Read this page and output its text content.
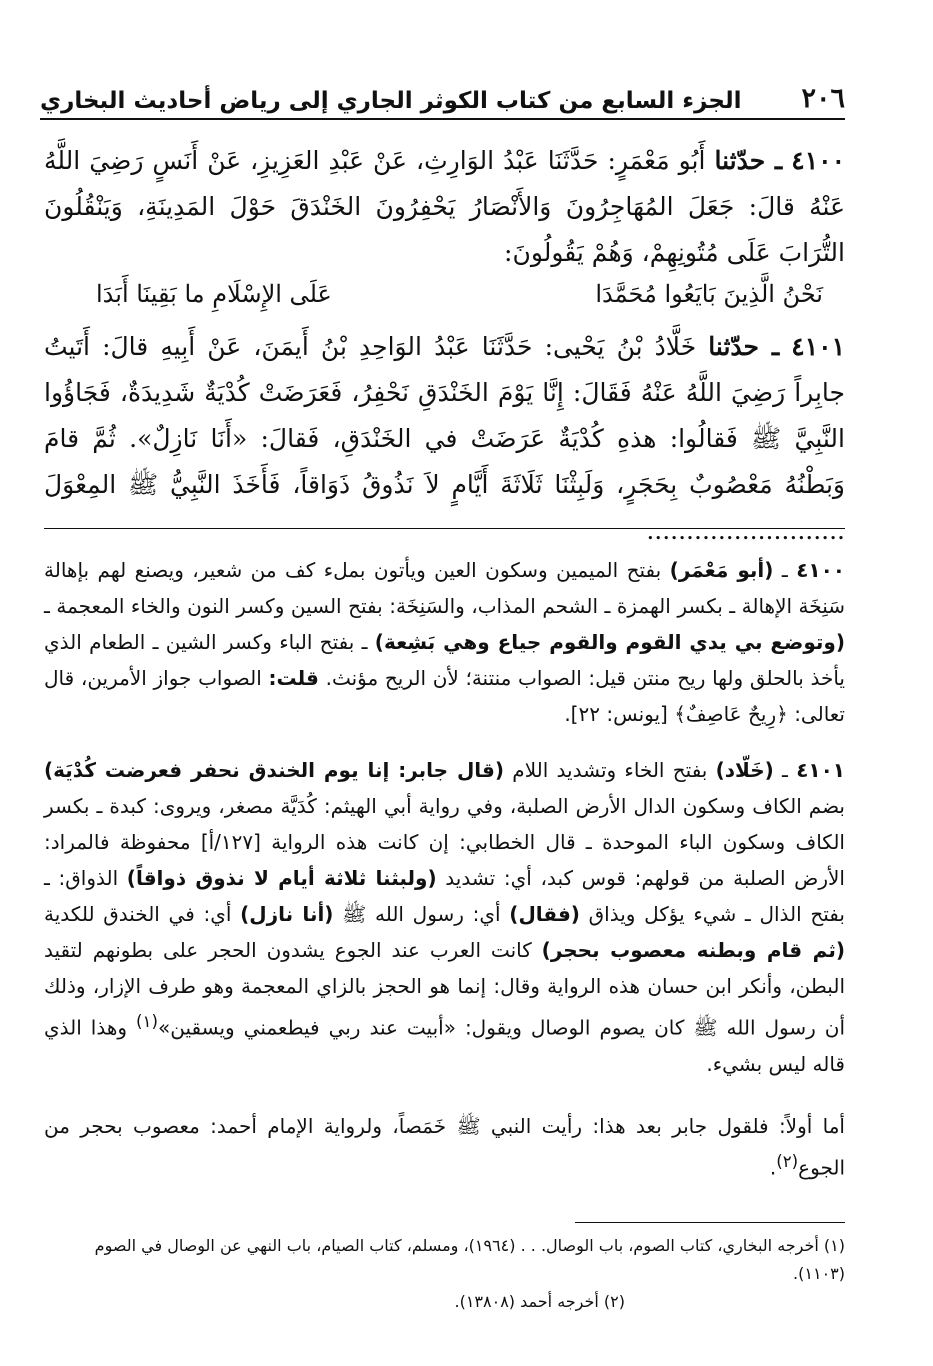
٢٠٦
الجزء السابع من كتاب الكوثر الجاري إلى رياض أحاديث البخاري
٤١٠٠ ـ حدّثنا أَبُو مَعْمَرٍ: حَدَّثَنَا عَبْدُ الوَارِثِ، عَنْ عَبْدِ العَزِيزِ، عَنْ أَنَسٍ رَضِيَ اللَّهُ عَنْهُ قالَ: جَعَلَ المُهَاجِرُونَ وَالأَنْصَارُ يَحْفِرُونَ الخَنْدَقَ حَوْلَ المَدِينَةِ، وَيَنْقُلُونَ التُّرَابَ عَلَى مُتُونِهِمْ، وَهُمْ يَقُولُونَ:
نَحْنُ الَّذِينَ بَايَعُوا مُحَمَّدَا
عَلَى الإِسْلَامِ ما بَقِينَا أَبَدَا
٤١٠١ ـ حدّثنا خَلَّادُ بْنُ يَحْيى: حَدَّثَنَا عَبْدُ الوَاحِدِ بْنُ أَيمَنَ، عَنْ أَبِيهِ قالَ: أَتَيتُ جابِراً رَضِيَ اللَّهُ عَنْهُ فَقَالَ: إِنَّا يَوْمَ الخَنْدَقِ نَحْفِرُ، فَعَرَضَتْ كُدْيَةٌ شَدِيدَةٌ، فَجَاؤُوا النَّبِيَّ ﷺ فَقالُوا: هذهِ كُدْيَةٌ عَرَضَتْ في الخَنْدَقِ، فَقالَ: «أَنَا نَازِلٌ». ثُمَّ قامَ وَبَطْنُهُ مَعْصُوبٌ بِحَجَرٍ، وَلَبِثْنَا ثَلَاثَةَ أَيَّامٍ لاَ نَذُوقُ ذَوَاقاً، فَأَخَذَ النَّبِيُّ ﷺ المِعْوَلَ .........................
٤١٠٠ ـ (أبو مَعْمَر) بفتح الميمين وسكون العين ويأتون بملء كف من شعير، ويصنع لهم بإهالة سَنِخَة الإهالة ـ بكسر الهمزة ـ الشحم المذاب، والسَنِخَة: بفتح السين وكسر النون والخاء المعجمة ـ (وتوضع بي يدي القوم والقوم جياع وهي بَشِعة) ـ بفتح الباء وكسر الشين ـ الطعام الذي يأخذ بالحلق ولها ريح منتن قيل: الصواب منتنة؛ لأن الريح مؤنث. قلت: الصواب جواز الأمرين، قال تعالى: ﴿رِيحٌ عَاصِفٌ﴾ [يونس: ٢٢].
٤١٠١ ـ (خَلّاد) بفتح الخاء وتشديد اللام (قال جابر: إنا يوم الخندق نحفر فعرضت كُدْيَة) بضم الكاف وسكون الدال الأرض الصلبة، وفي رواية أبي الهيثم: كُدَيَّة مصغر، ويروى: كبدة ـ بكسر الكاف وسكون الباء الموحدة ـ قال الخطابي: إن كانت هذه الرواية [١٢٧/أ] محفوظة فالمراد: الأرض الصلبة من قولهم: قوس كبد، أي: تشديد (ولبثنا ثلاثة أيام لا نذوق ذواقاً) الذواق: ـ بفتح الذال ـ شيء يؤكل ويذاق (فقال) أي: رسول الله ﷺ (أنا نازل) أي: في الخندق للكدية (ثم قام وبطنه معصوب بحجر) كانت العرب عند الجوع يشدون الحجر على بطونهم لتقيد البطن، وأنكر ابن حسان هذه الرواية وقال: إنما هو الحجز بالزاي المعجمة وهو طرف الإزار، وذلك أن رسول الله ﷺ كان يصوم الوصال ويقول: «أبيت عند ربي فيطعمني ويسقين»$^{(١)}$ وهذا الذي قاله ليس بشيء.
أما أولاً: فلقول جابر بعد هذا: رأيت النبي ﷺ خَمَصاً، ولرواية الإمام أحمد: معصوب بحجر من الجوع$^{(٢)}$.
(١) أخرجه البخاري، كتاب الصوم، باب الوصال. . . (١٩٦٤)، ومسلم، كتاب الصيام، باب النهي عن الوصال في الصوم (١١٠٣).
(٢) أخرجه أحمد (١٣٨٠٨).
